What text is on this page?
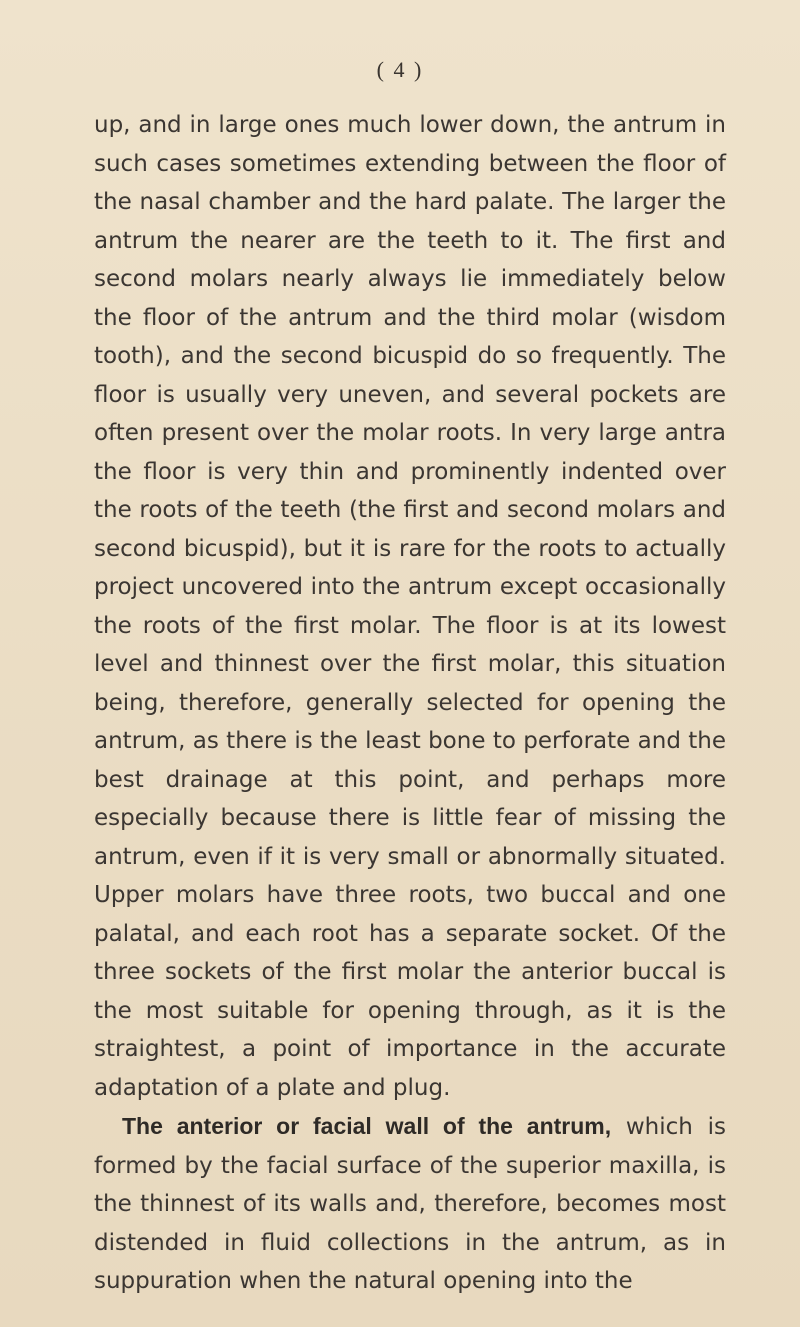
( 4 )

up, and in large ones much lower down, the antrum in such cases sometimes extending between the floor of the nasal chamber and the hard palate. The larger the antrum the nearer are the teeth to it. The first and second molars nearly always lie immediately below the floor of the antrum and the third molar (wisdom tooth), and the second bicuspid do so frequently. The floor is usually very uneven, and several pockets are often present over the molar roots. In very large antra the floor is very thin and prominently indented over the roots of the teeth (the first and second molars and second bicuspid), but it is rare for the roots to actually project uncovered into the antrum except occasionally the roots of the first molar. The floor is at its lowest level and thinnest over the first molar, this situation being, therefore, generally selected for opening the antrum, as there is the least bone to perforate and the best drainage at this point, and perhaps more especially because there is little fear of missing the antrum, even if it is very small or abnormally situated. Upper molars have three roots, two buccal and one palatal, and each root has a separate socket. Of the three sockets of the first molar the anterior buccal is the most suitable for opening through, as it is the straightest, a point of importance in the accurate adaptation of a plate and plug.

The anterior or facial wall of the antrum, which is formed by the facial surface of the superior maxilla, is the thinnest of its walls and, therefore, becomes most distended in fluid collections in the antrum, as in suppuration when the natural opening into the
